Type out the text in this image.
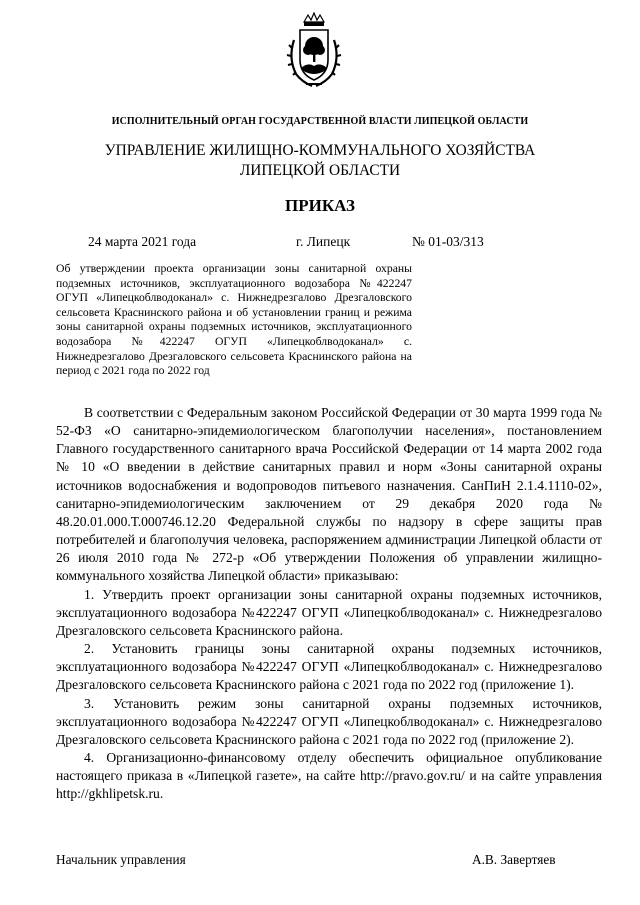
ИСПОЛНИТЕЛЬНЫЙ ОРГАН ГОСУДАРСТВЕННОЙ ВЛАСТИ ЛИПЕЦКОЙ ОБЛАСТИ
УПРАВЛЕНИЕ ЖИЛИЩНО-КОММУНАЛЬНОГО ХОЗЯЙСТВА
ЛИПЕЦКОЙ ОБЛАСТИ
ПРИКАЗ
24 марта 2021 года	г. Липецк	№ 01-03/313
Об утверждении проекта организации зоны санитарной охраны подземных источников, эксплуатационного водозабора №422247 ОГУП «Липецкоблводоканал» с. Нижнедрезгалово Дрезгаловского сельсовета Краснинского района и об установлении границ и режима зоны санитарной охраны подземных источников, эксплуатационного водозабора №422247 ОГУП «Липецкоблводоканал» с. Нижнедрезгалово Дрезгаловского сельсовета Краснинского района на период с 2021 года по 2022 год

В соответствии с Федеральным законом Российской Федерации от 30 марта 1999 года № 52-ФЗ «О санитарно-эпидемиологическом благополучии населения», постановлением Главного государственного санитарного врача Российской Федерации от 14 марта 2002 года № 10 «О введении в действие санитарных правил и норм «Зоны санитарной охраны источников водоснабжения и водопроводов питьевого назначения. СанПиН 2.1.4.1110-02», санитарно-эпидемиологическим заключением от 29 декабря 2020 года № 48.20.01.000.Т.000746.12.20 Федеральной службы по надзору в сфере защиты прав потребителей и благополучия человека, распоряжением администрации Липецкой области от 26 июля 2010 года № 272-р «Об утверждении Положения об управлении жилищно-коммунального хозяйства Липецкой области» приказываю:

1. Утвердить проект организации зоны санитарной охраны подземных источников, эксплуатационного водозабора №422247 ОГУП «Липецкоблводоканал» с. Нижнедрезгалово Дрезгаловского сельсовета Краснинского района.

2. Установить границы зоны санитарной охраны подземных источников, эксплуатационного водозабора №422247 ОГУП «Липецкоблводоканал» с. Нижнедрезгалово Дрезгаловского сельсовета Краснинского района с 2021 года по 2022 год (приложение 1).

3. Установить режим зоны санитарной охраны подземных источников, эксплуатационного водозабора №422247 ОГУП «Липецкоблводоканал» с. Нижнедрезгалово Дрезгаловского сельсовета Краснинского района с 2021 года по 2022 год (приложение 2).

4. Организационно-финансовому отделу обеспечить официальное опубликование настоящего приказа в «Липецкой газете», на сайте http://pravo.gov.ru/ и на сайте управления http://gkhlipetsk.ru.

Начальник управления	А.В. Завертяев
